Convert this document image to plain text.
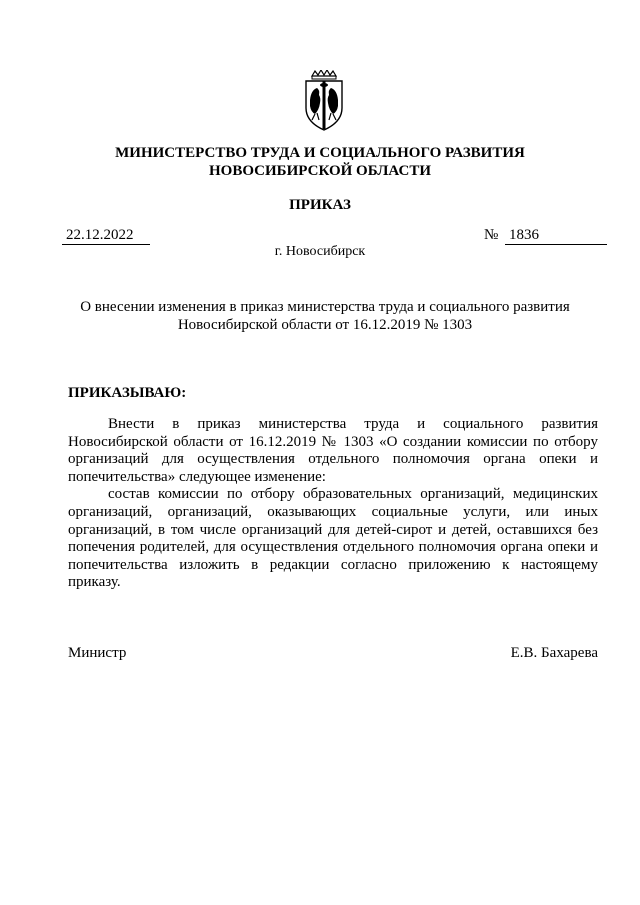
МИНИСТЕРСТВО ТРУДА И СОЦИАЛЬНОГО РАЗВИТИЯ
НОВОСИБИРСКОЙ ОБЛАСТИ
ПРИКАЗ
22.12.2022	№ 1836
г. Новосибирск
О внесении изменения в приказ министерства труда и социального развития
Новосибирской области от 16.12.2019 № 1303
ПРИКАЗЫВАЮ:

Внести в приказ министерства труда и социального развития Новосибирской области от 16.12.2019 № 1303 «О создании комиссии по отбору организаций для осуществления отдельного полномочия органа опеки и попечительства» следующее изменение:

состав комиссии по отбору образовательных организаций, медицинских организаций, организаций, оказывающих социальные услуги, или иных организаций, в том числе организаций для детей-сирот и детей, оставшихся без попечения родителей, для осуществления отдельного полномочия органа опеки и попечительства изложить в редакции согласно приложению к настоящему приказу.

Министр	Е.В. Бахарева
